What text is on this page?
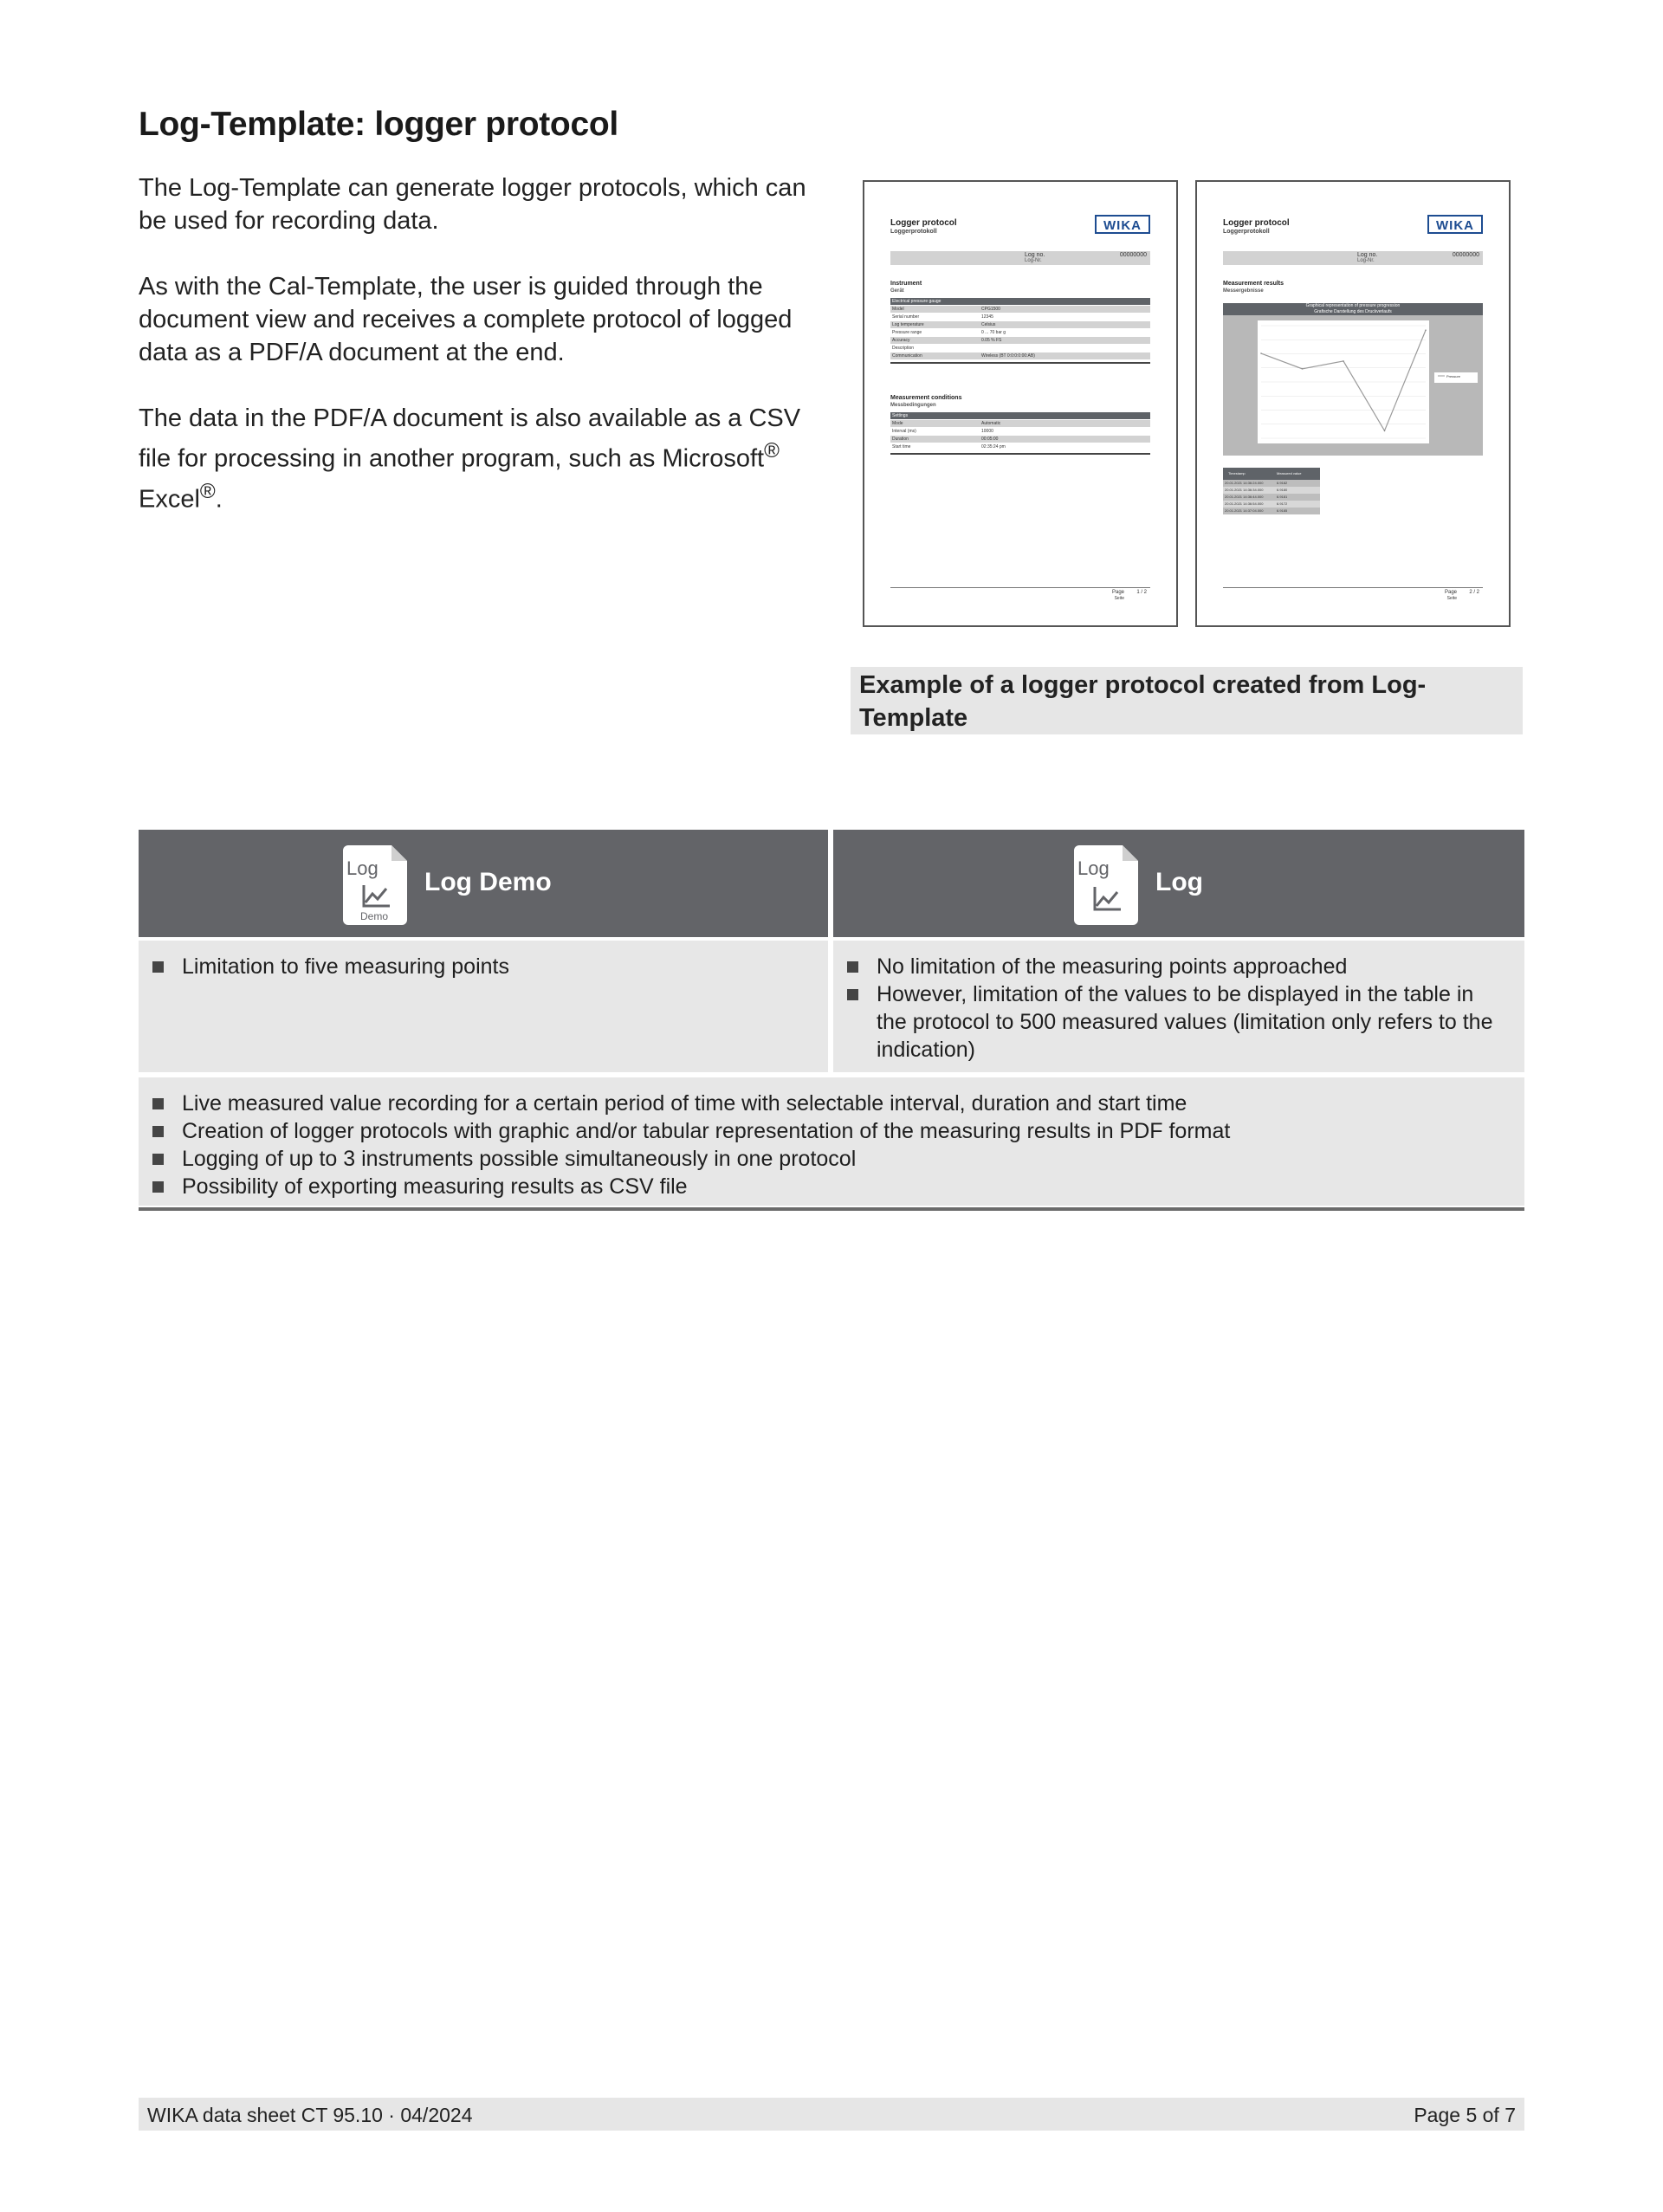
Log-Template: logger protocol

The Log-Template can generate logger protocols, which can be used for recording data.

As with the Cal-Template, the user is guided through the document view and receives a complete protocol of logged data as a PDF/A document at the end.

The data in the PDF/A document is also available as a CSV file for processing in another program, such as Microsoft® Excel®.

Logger protocol
Loggerprotokoll	WIKA
Log no.
Log-Nr.
00000000
Instrument
Gerät
Electrical pressure gauge
Model	CPG1500
Serial number	12345
Log temperature	Celsius
Pressure range	0 ... 70 bar g
Accuracy	0.05 % FS
Description
Communication	Wireless (BT 0:0:0:0:00:AB)
Measurement conditions
Messbedingungen
Settings
Mode	Automatic
Interval (ms)	10000
Duration	00:05:00
Start time	02:35:24 pm
Page
Seite
1 / 2
Logger protocol
Loggerprotokoll	WIKA
Log no.
Log-Nr.
00000000
Measurement results
Messergebnisse
Graphical representation of pressure progression
Grafische Darstellung des Druckverlaufs
Pressure
Timestamp	Measured value
20.01.2021 14:36:24.000	6.9182
20.01.2021 14:36:34.000	6.9180
20.01.2021 14:36:44.000	6.9181
20.01.2021 14:36:54.000	6.9172
20.01.2021 14:37:04.000	6.9185
Page
Seite
2 / 2
Example of a logger protocol created from Log-Template
Log
Demo
Log Demo	Log Log
Limitation to five measuring points	No limitation of the measuring points approached
However, limitation of the values to be displayed in the table in the protocol to 500 measured values (limitation only refers to the indication)
Live measured value recording for a certain period of time with selectable interval, duration and start time
Creation of logger protocols with graphic and/or tabular representation of the measuring results in PDF format
Logging of up to 3 instruments possible simultaneously in one protocol
Possibility of exporting measuring results as CSV file
WIKA data sheet CT 95.10 · 04/2024	Page 5 of 7
